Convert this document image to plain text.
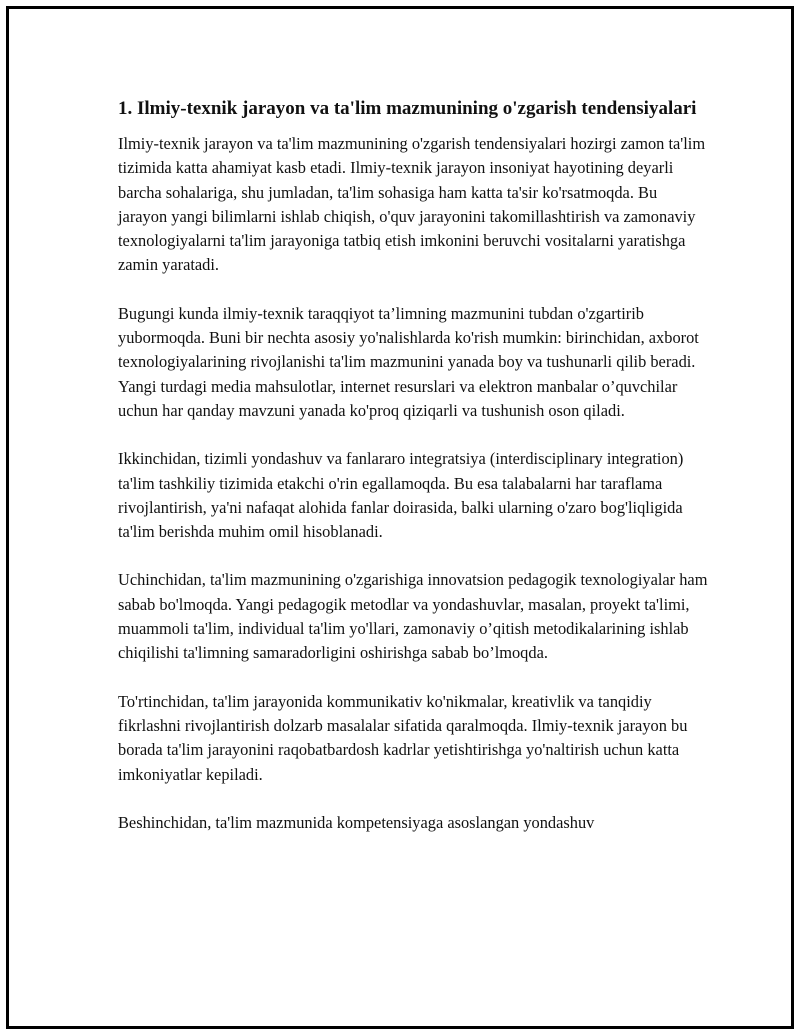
1. Ilmiy-texnik jarayon va ta'lim mazmunining o'zgarish tendensiyalari

Ilmiy-texnik jarayon va ta'lim mazmunining o'zgarish tendensiyalari hozirgi zamon ta'lim tizimida katta ahamiyat kasb etadi. Ilmiy-texnik jarayon insoniyat hayotining deyarli barcha sohalariga, shu jumladan, ta'lim sohasiga ham katta ta'sir ko'rsatmoqda. Bu jarayon yangi bilimlarni ishlab chiqish, o'quv jarayonini takomillashtirish va zamonaviy texnologiyalarni ta'lim jarayoniga tatbiq etish imkonini beruvchi vositalarni yaratishga zamin yaratadi.

Bugungi kunda ilmiy-texnik taraqqiyot ta’limning mazmunini tubdan o'zgartirib yubormoqda. Buni bir nechta asosiy yo'nalishlarda ko'rish mumkin: birinchidan, axborot texnologiyalarining rivojlanishi ta'lim mazmunini yanada boy va tushunarli qilib beradi. Yangi turdagi media mahsulotlar, internet resurslari va elektron manbalar o’quvchilar uchun har qanday mavzuni yanada ko'proq qiziqarli va tushunish oson qiladi.

Ikkinchidan, tizimli yondashuv va fanlararo integratsiya (interdisciplinary integration) ta'lim tashkiliy tizimida etakchi o'rin egallamoqda. Bu esa talabalarni har taraflama rivojlantirish, ya'ni nafaqat alohida fanlar doirasida, balki ularning o'zaro bog'liqligida ta'lim berishda muhim omil hisoblanadi.

Uchinchidan, ta'lim mazmunining o'zgarishiga innovatsion pedagogik texnologiyalar ham sabab bo'lmoqda. Yangi pedagogik metodlar va yondashuvlar, masalan, proyekt ta'limi, muammoli ta'lim, individual ta'lim yo'llari, zamonaviy o’qitish metodikalarining ishlab chiqilishi ta'limning samaradorligini oshirishga sabab bo’lmoqda.

To'rtinchidan, ta'lim jarayonida kommunikativ ko'nikmalar, kreativlik va tanqidiy fikrlashni rivojlantirish dolzarb masalalar sifatida qaralmoqda. Ilmiy-texnik jarayon bu borada ta'lim jarayonini raqobatbardosh kadrlar yetishtirishga yo'naltirish uchun katta imkoniyatlar kepiladi.

Beshinchidan, ta'lim mazmunida kompetensiyaga asoslangan yondashuv
